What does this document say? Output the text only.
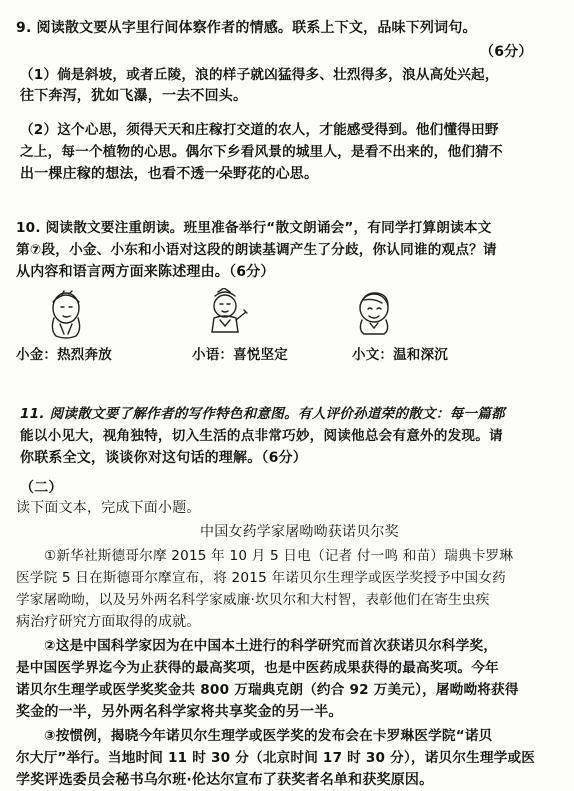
9. 阅读散文要从字里行间体察作者的情感。联系上下文，品味下列词句。
（6分）
（1）倘是斜坡，或者丘陵，浪的样子就凶猛得多、壮烈得多，浪从高处兴起，
往下奔泻，犹如飞瀑，一去不回头。
（2）这个心思，须得天天和庄稼打交道的农人，才能感受得到。他们懂得田野
之上，每一个植物的心思。偶尔下乡看风景的城里人，是看不出来的，他们猜不
出一棵庄稼的想法，也看不透一朵野花的心思。
10. 阅读散文要注重朗读。班里准备举行“散文朗诵会”，有同学打算朗读本文
第⑦段，小金、小东和小语对这段的朗读基调产生了分歧，你认同谁的观点？请
从内容和语言两方面来陈述理由。（6分）
小金：热烈奔放	小语：喜悦坚定	小文：温和深沉
11. 阅读散文要了解作者的写作特色和意图。有人评价孙道荣的散文：每一篇都
能以小见大，视角独特，切入生活的点非常巧妙，阅读他总会有意外的发现。请
你联系全文，谈谈你对这句话的理解。（6分）
（二）
读下面文本，完成下面小题。
中国女药学家屠呦呦获诺贝尔奖
①新华社斯德哥尔摩 2015 年 10 月 5 日电（记者 付一鸣 和苗）瑞典卡罗琳
医学院 5 日在斯德哥尔摩宣布，将 2015 年诺贝尔生理学或医学奖授予中国女药
学家屠呦呦，以及另外两名科学家威廉·坎贝尔和大村智，表彰他们在寄生虫疾
病治疗研究方面取得的成就。
②这是中国科学家因为在中国本土进行的科学研究而首次获诺贝尔科学奖，
是中国医学界迄今为止获得的最高奖项，也是中医药成果获得的最高奖项。今年
诺贝尔生理学或医学奖奖金共 800 万瑞典克朗（约合 92 万美元），屠呦呦将获得
奖金的一半，另外两名科学家将共享奖金的另一半。
③按惯例，揭晓今年诺贝尔生理学或医学奖的发布会在卡罗琳医学院“诺贝
尔大厅”举行。当地时间 11 时 30 分（北京时间 17 时 30 分），诺贝尔生理学或医
学奖评选委员会秘书乌尔班·伦达尔宣布了获奖者名单和获奖原因。
